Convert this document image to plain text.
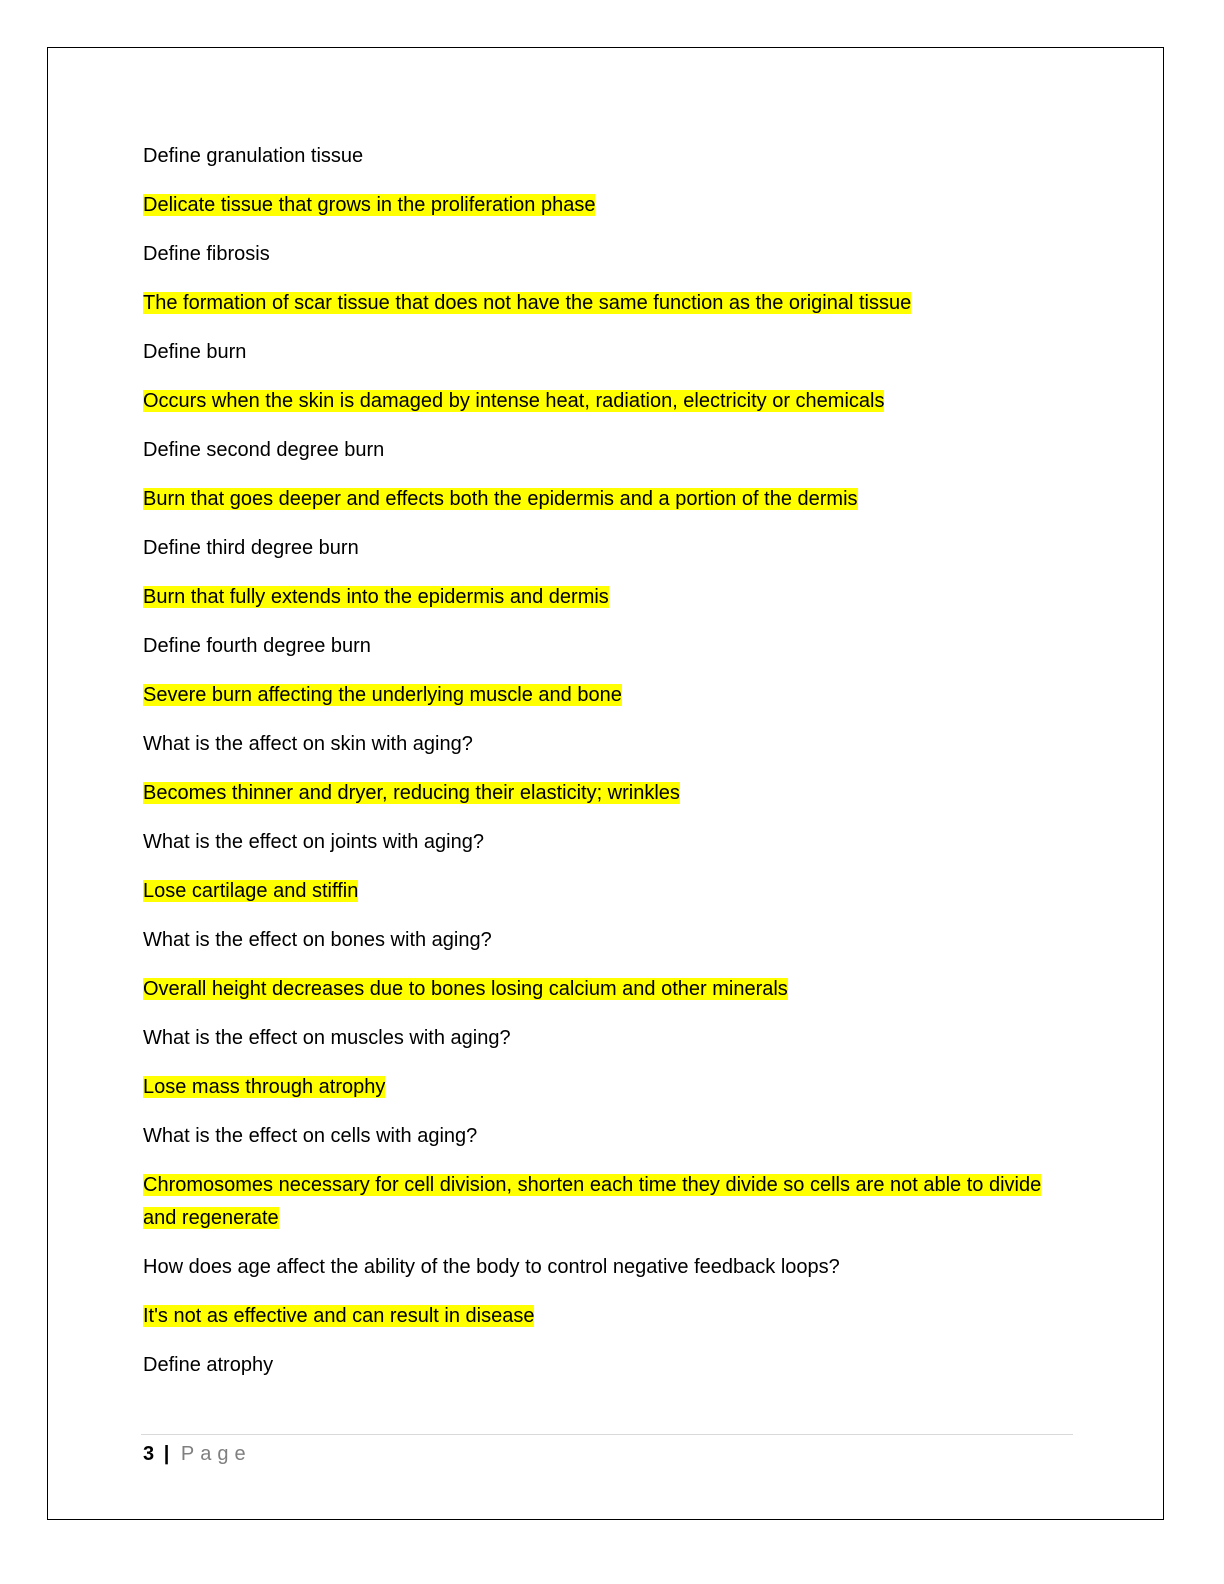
Define granulation tissue

Delicate tissue that grows in the proliferation phase

Define fibrosis

The formation of scar tissue that does not have the same function as the original tissue

Define burn

Occurs when the skin is damaged by intense heat, radiation, electricity or chemicals

Define second degree burn

Burn that goes deeper and effects both the epidermis and a portion of the dermis

Define third degree burn

Burn that fully extends into the epidermis and dermis

Define fourth degree burn

Severe burn affecting the underlying muscle and bone

What is the affect on skin with aging?

Becomes thinner and dryer, reducing their elasticity; wrinkles

What is the effect on joints with aging?

Lose cartilage and stiffin

What is the effect on bones with aging?

Overall height decreases due to bones losing calcium and other minerals

What is the effect on muscles with aging?

Lose mass through atrophy

What is the effect on cells with aging?

Chromosomes necessary for cell division, shorten each time they divide so cells are not able to divide and regenerate

How does age affect the ability of the body to control negative feedback loops?

It's not as effective and can result in disease

Define atrophy

3 | Page
